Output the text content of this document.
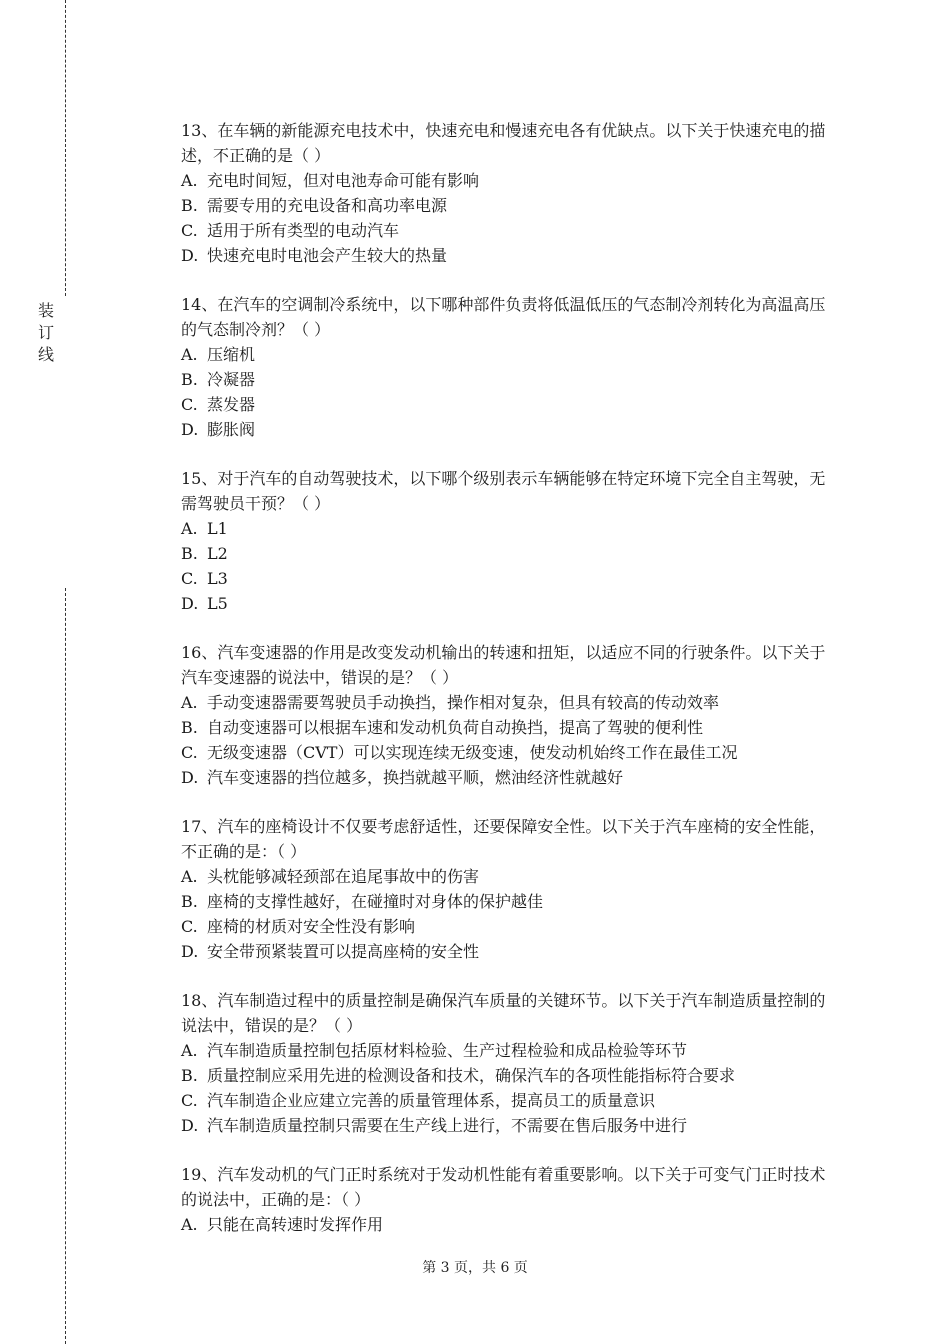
装
订
线

13、在车辆的新能源充电技术中，快速充电和慢速充电各有优缺点。以下关于快速充电的描述，不正确的是（ ）

A. 充电时间短，但对电池寿命可能有影响

B. 需要专用的充电设备和高功率电源

C. 适用于所有类型的电动汽车

D. 快速充电时电池会产生较大的热量

14、在汽车的空调制冷系统中，以下哪种部件负责将低温低压的气态制冷剂转化为高温高压的气态制冷剂？（ ）

A. 压缩机

B. 冷凝器

C. 蒸发器

D. 膨胀阀

15、对于汽车的自动驾驶技术，以下哪个级别表示车辆能够在特定环境下完全自主驾驶，无需驾驶员干预？（ ）

A. L1

B. L2

C. L3

D. L5

16、汽车变速器的作用是改变发动机输出的转速和扭矩，以适应不同的行驶条件。以下关于汽车变速器的说法中，错误的是？（ ）

A. 手动变速器需要驾驶员手动换挡，操作相对复杂，但具有较高的传动效率

B. 自动变速器可以根据车速和发动机负荷自动换挡，提高了驾驶的便利性

C. 无级变速器（CVT）可以实现连续无级变速，使发动机始终工作在最佳工况

D. 汽车变速器的挡位越多，换挡就越平顺，燃油经济性就越好

17、汽车的座椅设计不仅要考虑舒适性，还要保障安全性。以下关于汽车座椅的安全性能，不正确的是：（ ）

A. 头枕能够减轻颈部在追尾事故中的伤害

B. 座椅的支撑性越好，在碰撞时对身体的保护越佳

C. 座椅的材质对安全性没有影响

D. 安全带预紧装置可以提高座椅的安全性

18、汽车制造过程中的质量控制是确保汽车质量的关键环节。以下关于汽车制造质量控制的说法中，错误的是？（ ）

A. 汽车制造质量控制包括原材料检验、生产过程检验和成品检验等环节

B. 质量控制应采用先进的检测设备和技术，确保汽车的各项性能指标符合要求

C. 汽车制造企业应建立完善的质量管理体系，提高员工的质量意识

D. 汽车制造质量控制只需要在生产线上进行，不需要在售后服务中进行

19、汽车发动机的气门正时系统对于发动机性能有着重要影响。以下关于可变气门正时技术的说法中，正确的是：（ ）

A. 只能在高转速时发挥作用

第 3 页，共 6 页
